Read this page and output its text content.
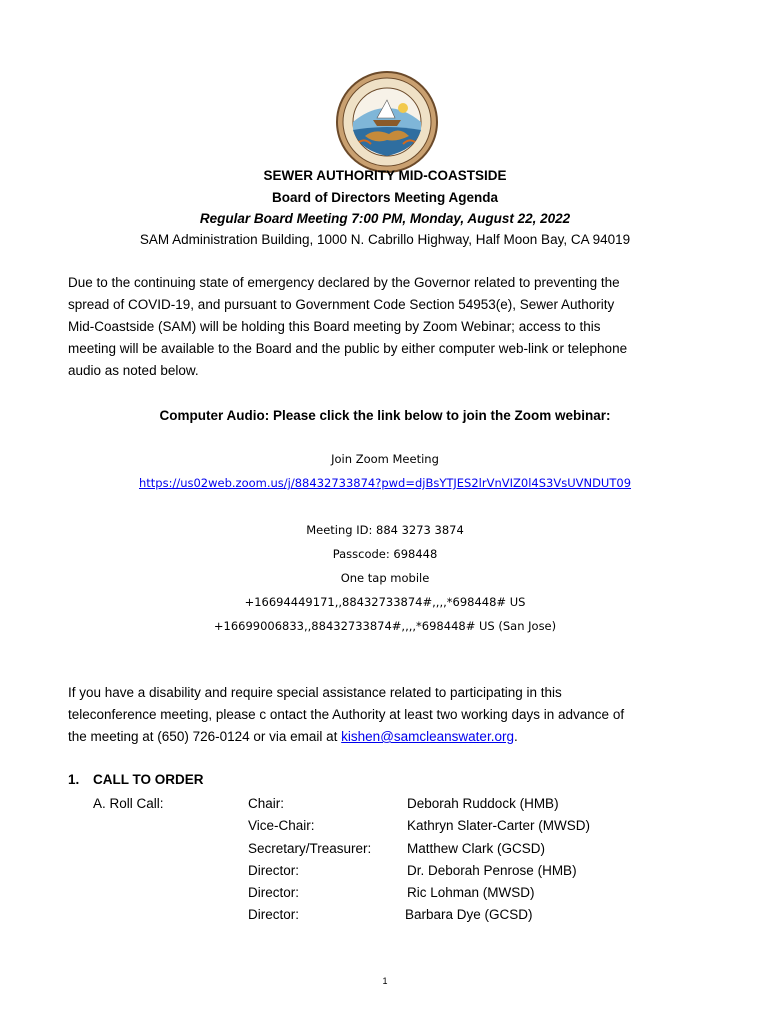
SEWER AUTHORITY MID-COASTSIDE
Board of Directors Meeting Agenda
Regular Board Meeting 7:00 PM, Monday, August 22, 2022
SAM Administration Building, 1000 N. Cabrillo Highway, Half Moon Bay, CA 94019
Due to the continuing state of emergency declared by the Governor related to preventing the
spread of COVID-19, and pursuant to Government Code Section 54953(e), Sewer Authority
Mid-Coastside (SAM) will be holding this Board meeting by Zoom Webinar; access to this
meeting will be available to the Board and the public by either computer web-link or telephone
audio as noted below.
Computer Audio: Please click the link below to join the Zoom webinar:
Join Zoom Meeting
https://us02web.zoom.us/j/88432733874?pwd=djBsYTJES2lrVnVIZ0l4S3VsUVNDUT09
Meeting ID: 884 3273 3874
Passcode: 698448
One tap mobile
+16694449171,,88432733874#,,,,*698448# US
+16699006833,,88432733874#,,,,*698448# US (San Jose)
If you have a disability and require special assistance related to participating in this
teleconference meeting, please c ontact the Authority at least two working days in advance of
the meeting at (650) 726-0124 or via email at kishen@samcleanswater.org.
1. CALL TO ORDER
A. Roll Call:	Chair:	Deborah Ruddock (HMB)
Vice-Chair:	Kathryn Slater-Carter (MWSD)
Secretary/Treasurer:	Matthew Clark (GCSD)
Director:	Dr. Deborah Penrose (HMB)
Director:	Ric Lohman (MWSD)
Director:	Barbara Dye (GCSD)
1
